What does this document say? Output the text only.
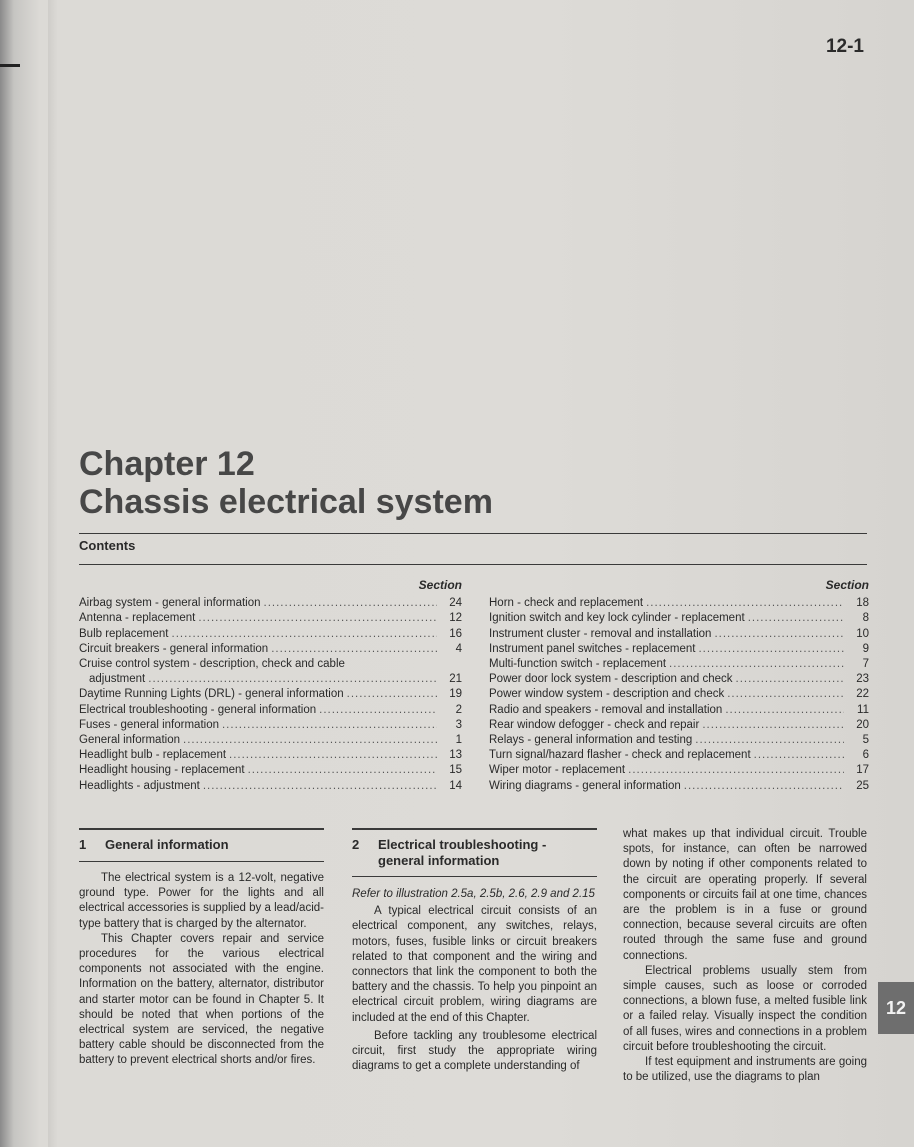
12-1
12
Chapter 12
Chassis electrical system
Contents
Section
Airbag system - general information .....	24
Antenna - replacement .....	12
Bulb replacement .....	16
Circuit breakers - general information .....	4
Cruise control system - description, check and cable
adjustment .....	21
Daytime Running Lights (DRL) - general information .....	19
Electrical troubleshooting - general information .....	2
Fuses - general information .....	3
General information .....	1
Headlight bulb - replacement .....	13
Headlight housing - replacement .....	15
Headlights - adjustment .....	14
Section
Horn - check and replacement .....	18
Ignition switch and key lock cylinder - replacement .....	8
Instrument cluster - removal and installation .....	10
Instrument panel switches - replacement .....	9
Multi-function switch - replacement .....	7
Power door lock system - description and check .....	23
Power window system - description and check .....	22
Radio and speakers - removal and installation .....	11
Rear window defogger - check and repair .....	20
Relays - general information and testing .....	5
Turn signal/hazard flasher - check and replacement .....	6
Wiper motor - replacement .....	17
Wiring diagrams - general information .....	25
1 General information

The electrical system is a 12-volt, negative ground type. Power for the lights and all electrical accessories is supplied by a lead/acid-type battery that is charged by the alternator.

This Chapter covers repair and service procedures for the various electrical components not associated with the engine. Information on the battery, alternator, distributor and starter motor can be found in Chapter 5. It should be noted that when portions of the electrical system are serviced, the negative battery cable should be disconnected from the battery to prevent electrical shorts and/or fires.

2 Electrical troubleshooting -
general information

Refer to illustration 2.5a, 2.5b, 2.6, 2.9 and 2.15

A typical electrical circuit consists of an electrical component, any switches, relays, motors, fuses, fusible links or circuit breakers related to that component and the wiring and connectors that link the component to both the battery and the chassis. To help you pinpoint an electrical circuit problem, wiring diagrams are included at the end of this Chapter.

Before tackling any troublesome electrical circuit, first study the appropriate wiring diagrams to get a complete understanding of

what makes up that individual circuit. Trouble spots, for instance, can often be narrowed down by noting if other components related to the circuit are operating properly. If several components or circuits fail at one time, chances are the problem is in a fuse or ground connection, because several circuits are often routed through the same fuse and ground connections.

Electrical problems usually stem from simple causes, such as loose or corroded connections, a blown fuse, a melted fusible link or a failed relay. Visually inspect the condition of all fuses, wires and connections in a problem circuit before troubleshooting the circuit.

If test equipment and instruments are going to be utilized, use the diagrams to plan
